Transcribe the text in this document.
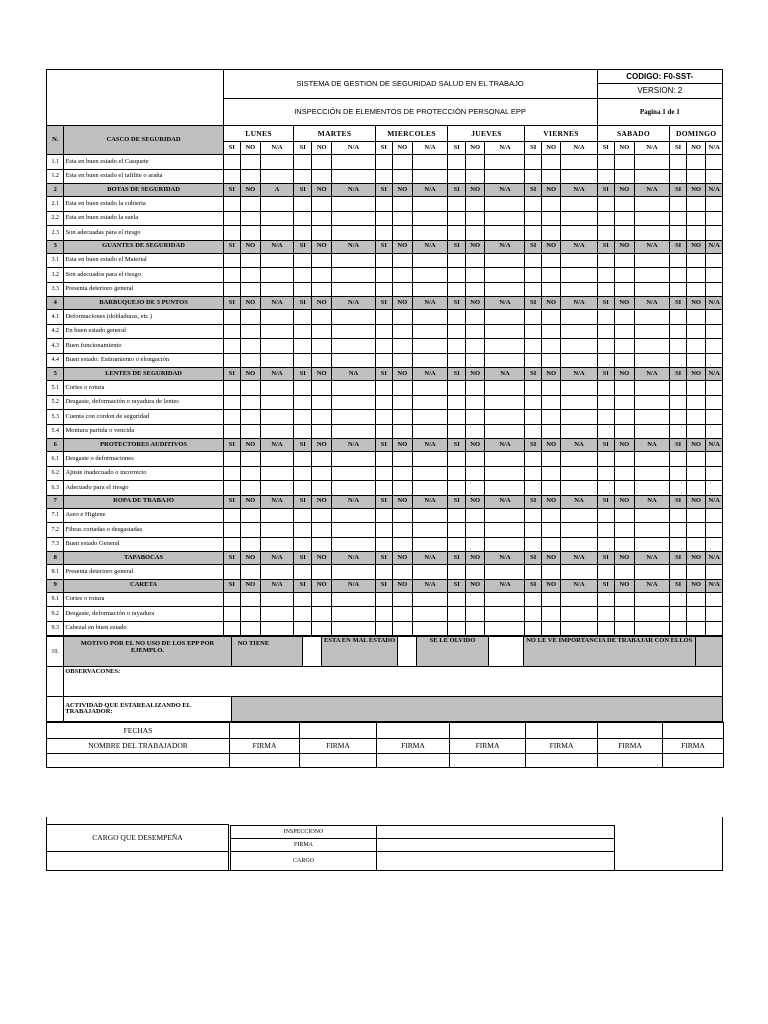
		SISTEMA DE GESTION DE SEGURIDAD SALUD EN EL TRABAJO															CODIGO: F0-SST-					
																	VERSION: 2					
		INSPECCIÓN DE ELEMENTOS DE PROTECCIÓN PERSONAL EPP															Pagina 1 de 1					
N.	CASCO DE SEGURIDAD	LUNES			MARTES			MIERCOLES			JUEVES			VIERNES			SABADO			DOMINGO		
		SI	NO	N/A	SI	NO	N/A	SI	NO	N/A	SI	NO	N/A	SI	NO	N/A	SI	NO	N/A	SI	NO	N/A
1.1	Esta en buen estado el Casquete																					
1.2	Esta en buen estado el tafilite o araña																					
2	BOTAS DE SEGURIDAD	SI	NO	A	SI	NO	N/A	SI	NO	N/A	SI	NO	N/A	SI	NO	N/A	SI	NO	N/A	SI	NO	N/A
2.1	Esta en buen estado la cubierta																					
2.2	Esta en buen estado la suela																					
2.3	Son adecuadas para el riesgo																					
3	GUANTES DE SEGURIDAD	SI	NO	N/A	SI	NO	N/A	SI	NO	N/A	SI	NO	N/A	SI	NO	N/A	SI	NO	N/A	SI	NO	N/A
3.1	Esta en buen estado el Material																					
3.2	Son adecuados para el riesgo																					
3.3	Presenta deterioro general																					
4	BARBUQUEJO DE 3 PUNTOS	SI	NO	N/A	SI	NO	N/A	SI	NO	N/A	SI	NO	N/A	SI	NO	N/A	SI	NO	N/A	SI	NO	N/A
4.1	Deformaciones (dobladuras, etc.)																					
4.2	En buen estado general																					
4.3	Buen funcionamiento																					
4.4	Buen estado: Estiramiento o elongación																					
5	LENTES DE SEGURIDAD	SI	NO	N/A	SI	NO	NA	SI	NO	N/A	SI	NO	NA	SI	NO	N/A	SI	NO	N/A	SI	NO	N/A
5.1	Cortes o rotura																					
5.2	Desgaste, deformación o rayadura de lentes																					
5.3	Cuenta con cordon de seguridad																					
5.4	Montura partida o vencida																					
6	PROTECTORES AUDITIVOS	SI	NO	N/A	SI	NO	N/A	SI	NO	N/A	SI	NO	N/A	SI	NO	NA	SI	NO	NA	SI	NO	N/A
6.1	Desgaste o deformaciones																					
6.2	Ajuste inadecuado o incorrecto																					
6.3	Adecuado para el riesgo																					
7	ROPA DE TRABAJO	SI	NO	N/A	SI	NO	N/A	SI	NO	N/A	SI	NO	N/A	SI	NO	NA	SI	NO	NA	SI	NO	N/A
7.1	Aseo e Higiene																					
7.2	Fibras cortadas o desgastadas																					
7.3	Buen estado General																					
8	TAPABOCAS	SI	NO	N/A	SI	NO	N/A	SI	NO	N/A	SI	NO	N/A	SI	NO	N/A	SI	NO	N/A	SI	NO	N/A
8.1	Presenta deterioro general																					
9	CARETA	SI	NO	N/A	SI	NO	N/A	SI	NO	N/A	SI	NO	N/A	SI	NO	N/A	SI	NO	N/A	SI	NO	N/A
9.1	Cortes o rotura																					
9.2	Desgaste, deformación o rayadura																					
9.3	Cabezal en buen estado																					
10.	MOTIVO POR EL NO USO DE LOS EPP POR EJEMPLO.	NO TIENE		ESTA EN MAL ESTADO		SE LE OLVIDO		NO LE VE IMPORTANCIA DE TRABAJAR CON ELLOS	
	OBSERVACONES:								
	ACTIVIDAD QUE ESTAREALIZANDO EL TRABAJADOR:								
FECHAS							
NOMBRE DEL TRABAJADOR	FIRMA	FIRMA	FIRMA	FIRMA	FIRMA	FIRMA	FIRMA

CARGO QUE DESEMPEÑA

INSPECCIONO	
FIRMA	
CARGO	
